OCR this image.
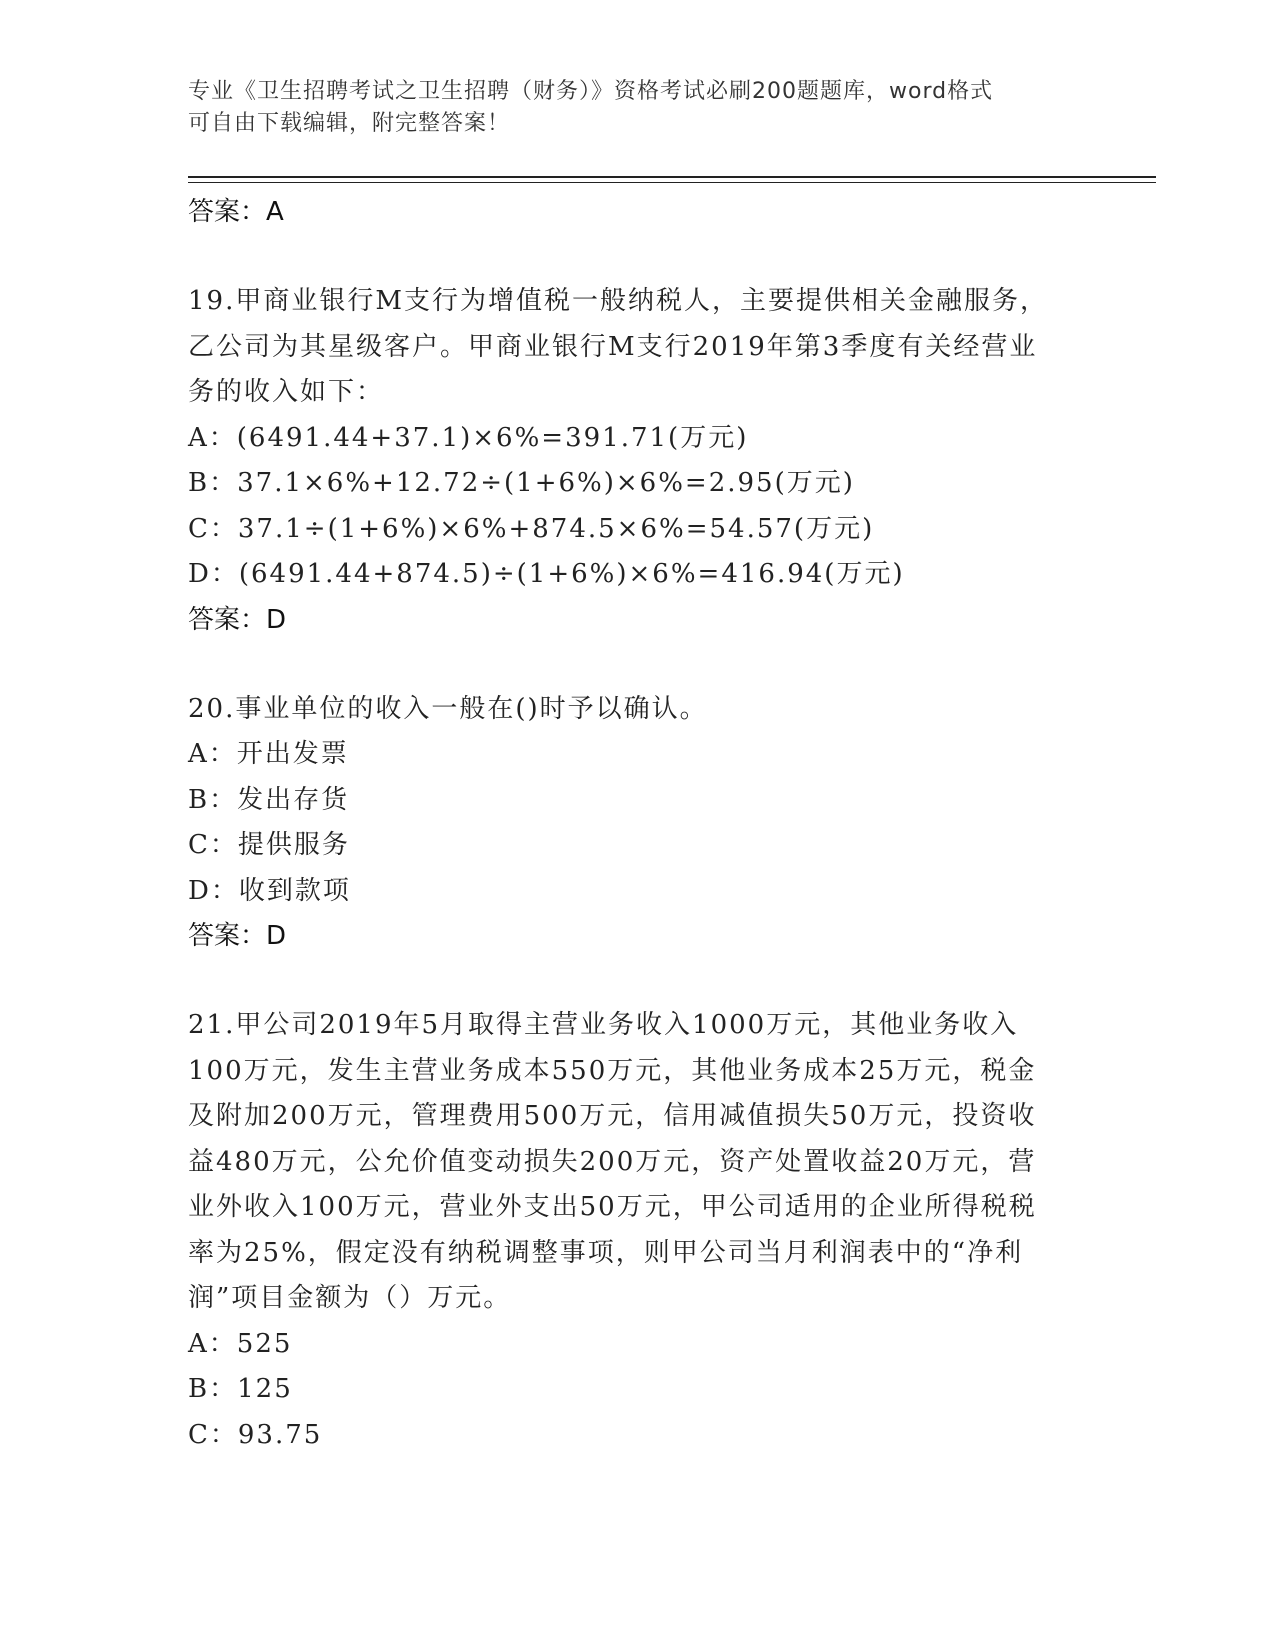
专业《卫生招聘考试之卫生招聘（财务）》资格考试必刷200题题库，word格式
可自由下载编辑，附完整答案！
答案：A
19.甲商业银行M支行为增值税一般纳税人，主要提供相关金融服务，
乙公司为其星级客户。甲商业银行M支行2019年第3季度有关经营业
务的收入如下：
A：(6491.44+37.1)×6%=391.71(万元)
B：37.1×6%+12.72÷(1+6%)×6%=2.95(万元)
C：37.1÷(1+6%)×6%+874.5×6%=54.57(万元)
D：(6491.44+874.5)÷(1+6%)×6%=416.94(万元)
答案：D
20.事业单位的收入一般在()时予以确认。
A：开出发票
B：发出存货
C：提供服务
D：收到款项
答案：D
21.甲公司2019年5月取得主营业务收入1000万元，其他业务收入
100万元，发生主营业务成本550万元，其他业务成本25万元，税金
及附加200万元，管理费用500万元，信用减值损失50万元，投资收
益480万元，公允价值变动损失200万元，资产处置收益20万元，营
业外收入100万元，营业外支出50万元，甲公司适用的企业所得税税
率为25%，假定没有纳税调整事项，则甲公司当月利润表中的“净利
润”项目金额为（）万元。
A：525
B：125
C：93.75
